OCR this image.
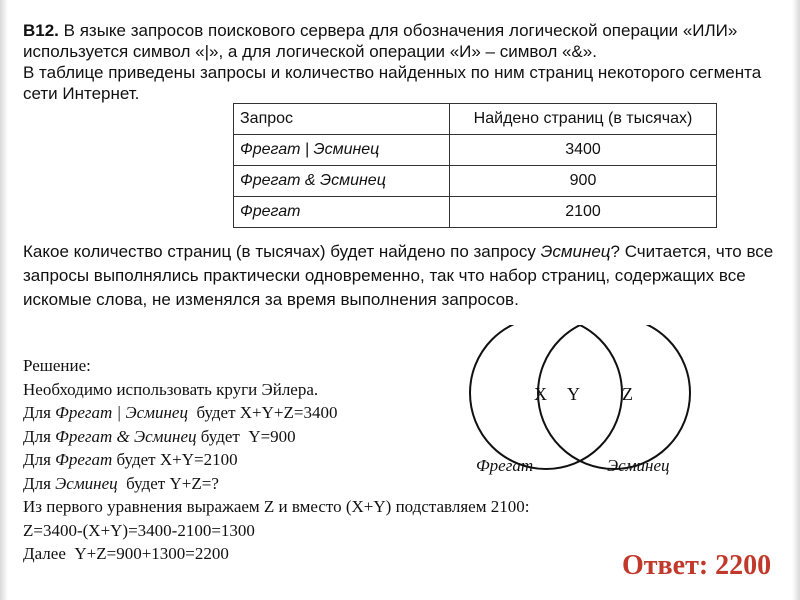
B12. В языке запросов поискового сервера для обозначения логической операции «ИЛИ» используется символ «|», а для логической операции «И» – символ «&».

В таблице приведены запросы и количество найденных по ним страниц некоторого сегмента сети Интернет.

Запрос	Найдено страниц (в тысячах)
Фрегат | Эсминец	3400
Фрегат & Эсминец	900
Фрегат	2100

Какое количество страниц (в тысячах) будет найдено по запросу Эсминец? Считается, что все запросы выполнялись практически одновременно, так что набор страниц, содержащих все искомые слова, не изменялся за время выполнения запросов.

Решение:
Необходимо использовать круги Эйлера.
Для Фрегат | Эсминец  будет X+Y+Z=3400
Для Фрегат & Эсминец будет  Y=900
Для Фрегат будет X+Y=2100
Для Эсминец  будет Y+Z=?
Из первого уравнения выражаем Z и вместо (X+Y) подставляем 2100:
Z=3400-(X+Y)=3400-2100=1300
Далее  Y+Z=900+1300=2200
X Y Z
Фрегат	Эсминец
Ответ: 2200
